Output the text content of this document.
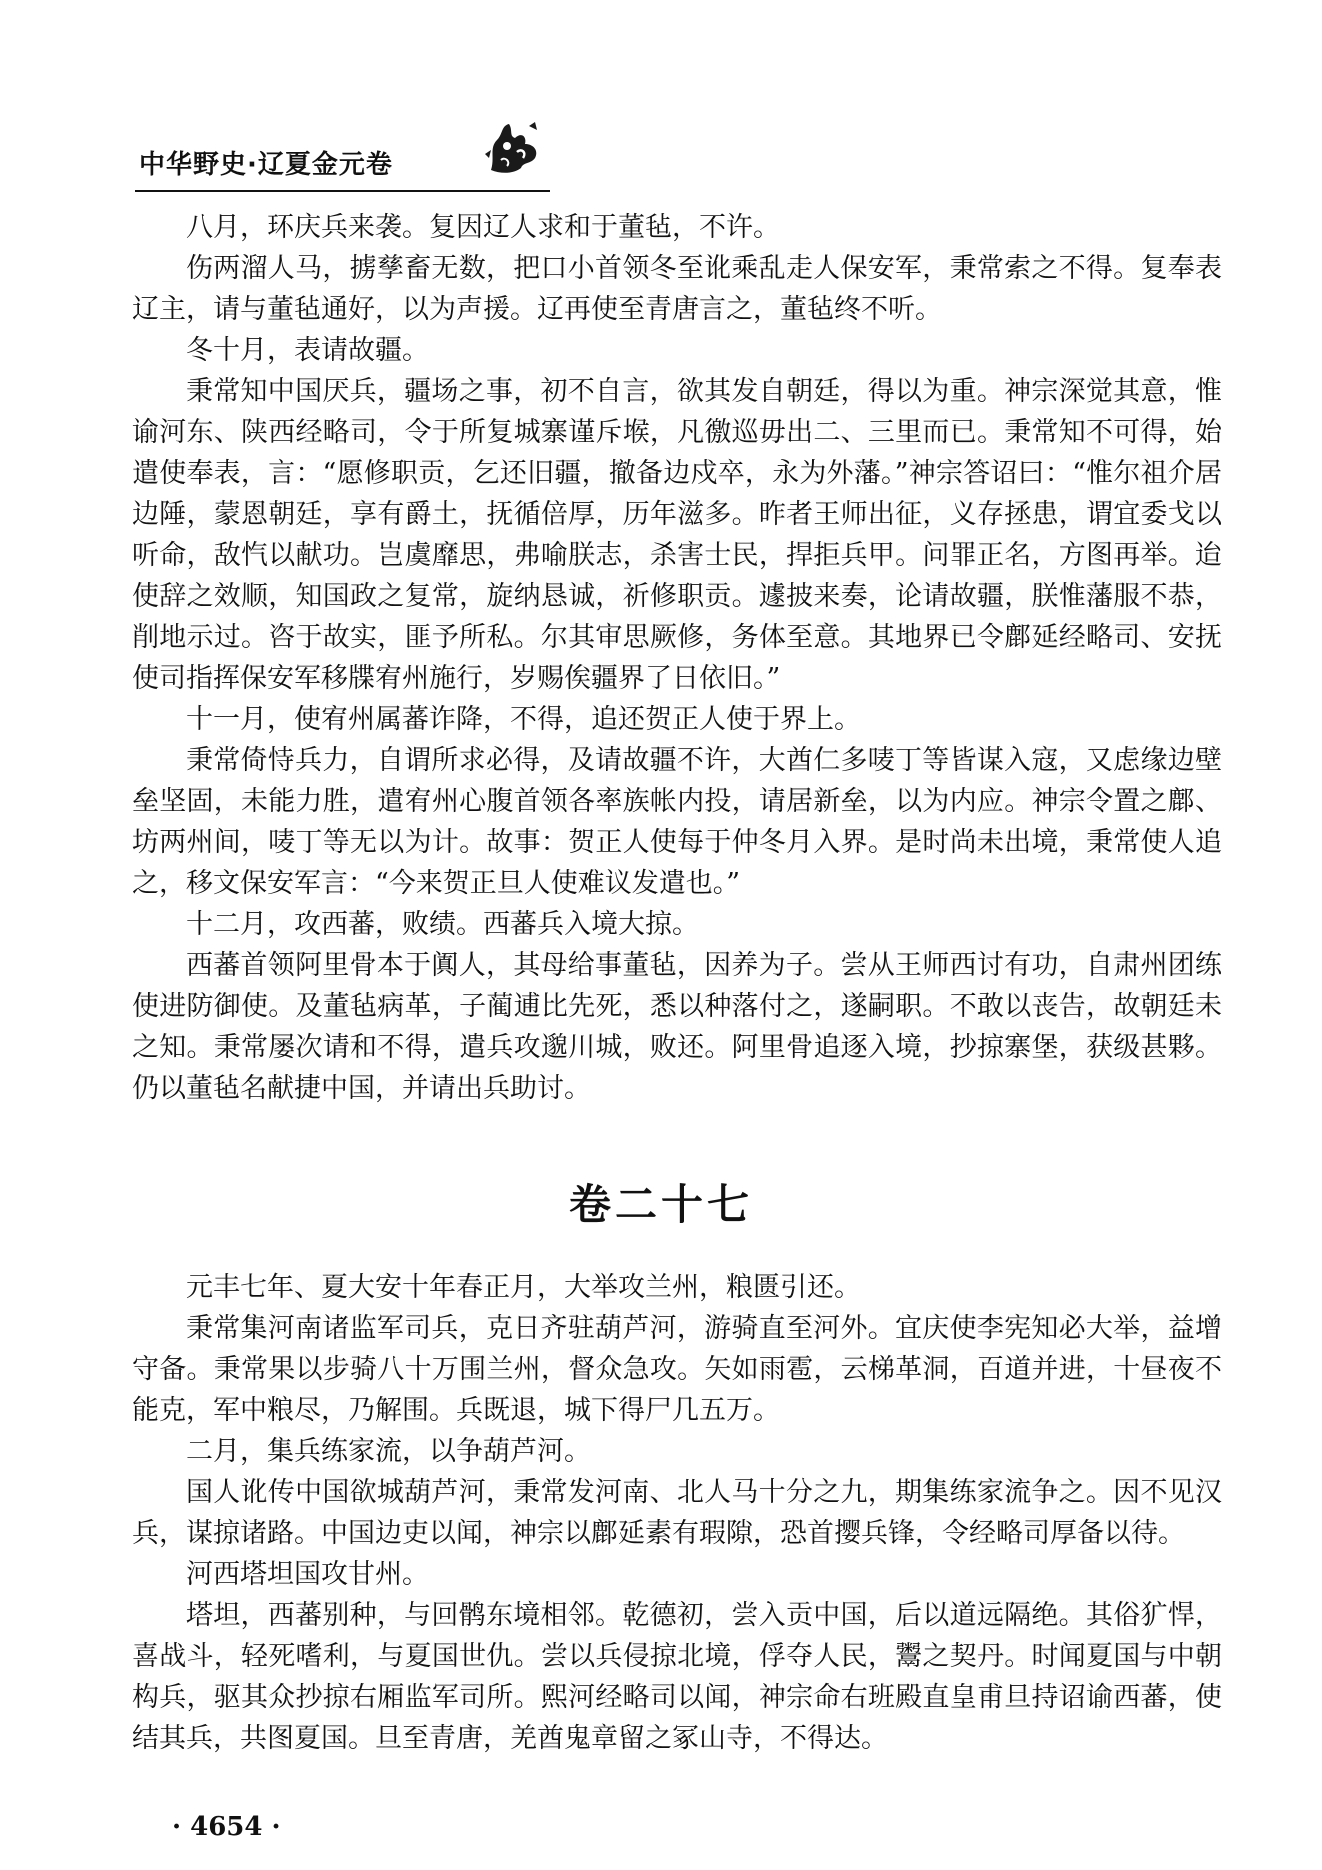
中华野史·辽夏金元卷

八月，环庆兵来袭。复因辽人求和于董毡，不许。

伤两溜人马，掳孳畜无数，把口小首领冬至讹乘乱走人保安军，秉常索之不得。复奉表辽主，请与董毡通好，以为声援。辽再使至青唐言之，董毡终不听。

冬十月，表请故疆。

秉常知中国厌兵，疆场之事，初不自言，欲其发自朝廷，得以为重。神宗深觉其意，惟谕河东、陕西经略司，令于所复城寨谨斥堠，凡徼巡毋出二、三里而已。秉常知不可得，始遣使奉表，言：“愿修职贡，乞还旧疆，撤备边戍卒，永为外藩。”神宗答诏曰：“惟尔祖介居边陲，蒙恩朝廷，享有爵土，抚循倍厚，历年滋多。昨者王师出征，义存拯患，谓宜委戈以听命，敌忾以献功。岂虞靡思，弗喻朕志，杀害士民，捍拒兵甲。问罪正名，方图再举。迨使辞之效顺，知国政之复常，旋纳恳诚，祈修职贡。遽披来奏，论请故疆，朕惟藩服不恭，削地示过。咨于故实，匪予所私。尔其审思厥修，务体至意。其地界已令鄜延经略司、安抚使司指挥保安军移牒宥州施行，岁赐俟疆界了日依旧。”

十一月，使宥州属蕃诈降，不得，追还贺正人使于界上。

秉常倚恃兵力，自谓所求必得，及请故疆不许，大酋仁多唛丁等皆谋入寇，又虑缘边壁垒坚固，未能力胜，遣宥州心腹首领各率族帐内投，请居新垒，以为内应。神宗令置之鄜、坊两州间，唛丁等无以为计。故事：贺正人使每于仲冬月入界。是时尚未出境，秉常使人追之，移文保安军言：“今来贺正旦人使难议发遣也。”

十二月，攻西蕃，败绩。西蕃兵入境大掠。

西蕃首领阿里骨本于阗人，其母给事董毡，因养为子。尝从王师西讨有功，自肃州团练使进防御使。及董毡病革，子蔺逋比先死，悉以种落付之，遂嗣职。不敢以丧告，故朝廷未之知。秉常屡次请和不得，遣兵攻邈川城，败还。阿里骨追逐入境，抄掠寨堡，获级甚夥。仍以董毡名献捷中国，并请出兵助讨。

卷二十七

元丰七年、夏大安十年春正月，大举攻兰州，粮匮引还。

秉常集河南诸监军司兵，克日齐驻葫芦河，游骑直至河外。宜庆使李宪知必大举，益增守备。秉常果以步骑八十万围兰州，督众急攻。矢如雨雹，云梯革洞，百道并进，十昼夜不能克，军中粮尽，乃解围。兵既退，城下得尸几五万。

二月，集兵练家流，以争葫芦河。

国人讹传中国欲城葫芦河，秉常发河南、北人马十分之九，期集练家流争之。因不见汉兵，谋掠诸路。中国边吏以闻，神宗以鄜延素有瑕隙，恐首撄兵锋，令经略司厚备以待。

河西塔坦国攻甘州。

塔坦，西蕃别种，与回鹘东境相邻。乾德初，尝入贡中国，后以道远隔绝。其俗犷悍，喜战斗，轻死嗜利，与夏国世仇。尝以兵侵掠北境，俘夺人民，鬻之契丹。时闻夏国与中朝构兵，驱其众抄掠右厢监军司所。熙河经略司以闻，神宗命右班殿直皇甫旦持诏谕西蕃，使结其兵，共图夏国。旦至青唐，羌酋鬼章留之冢山寺，不得达。

· 4654 ·
